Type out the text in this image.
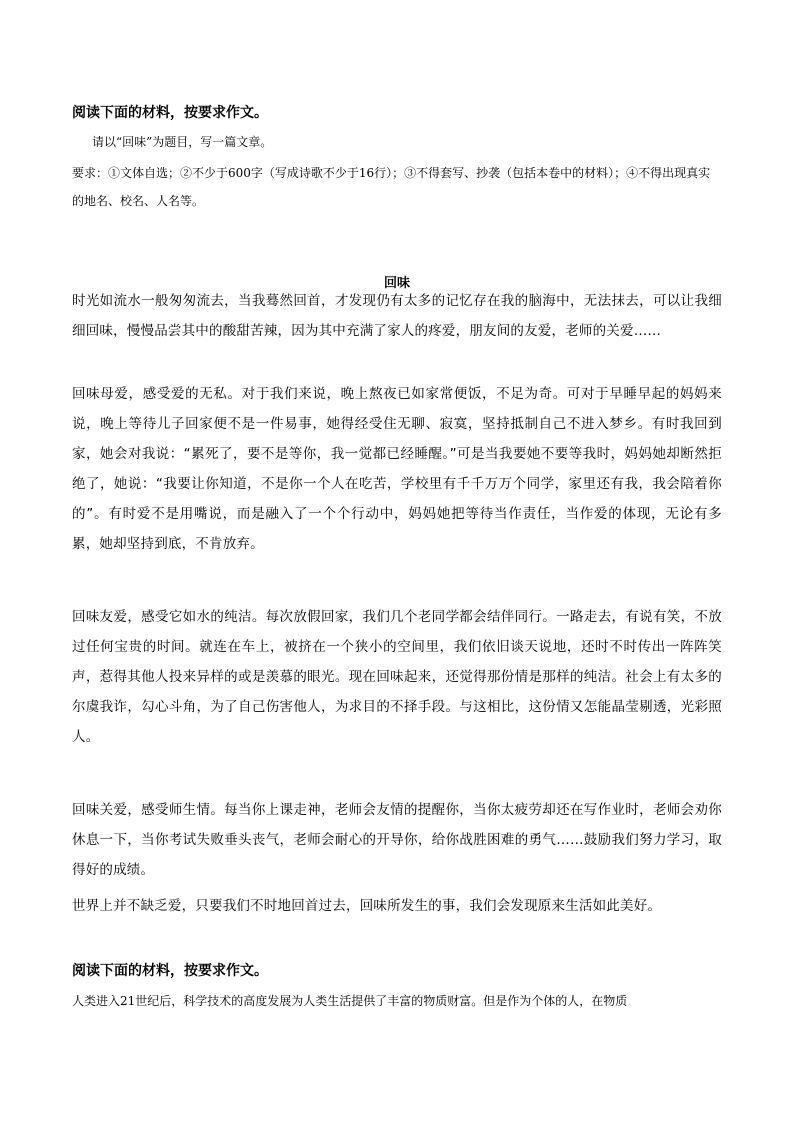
阅读下面的材料，按要求作文。

请以“回味”为题目，写一篇文章。

要求：①文体自选；②不少于600字（写成诗歌不少于16行）；③不得套写、抄袭（包括本卷中的材料）；④不得出现真实的地名、校名、人名等。

回味

时光如流水一般匆匆流去，当我蓦然回首，才发现仍有太多的记忆存在我的脑海中，无法抹去，可以让我细细回味，慢慢品尝其中的酸甜苦辣，因为其中充满了家人的疼爱，朋友间的友爱，老师的关爱……

回味母爱，感受爱的无私。对于我们来说，晚上熬夜已如家常便饭，不足为奇。可对于早睡早起的妈妈来说，晚上等待儿子回家便不是一件易事，她得经受住无聊、寂寞，坚持抵制自己不进入梦乡。有时我回到家，她会对我说：“累死了，要不是等你，我一觉都已经睡醒。”可是当我要她不要等我时，妈妈她却断然拒绝了，她说：“我要让你知道，不是你一个人在吃苦，学校里有千千万万个同学，家里还有我，我会陪着你的”。有时爱不是用嘴说，而是融入了一个个行动中，妈妈她把等待当作责任，当作爱的体现，无论有多累，她却坚持到底，不肯放弃。

回味友爱，感受它如水的纯洁。每次放假回家，我们几个老同学都会结伴同行。一路走去，有说有笑，不放过任何宝贵的时间。就连在车上，被挤在一个狭小的空间里，我们依旧谈天说地，还时不时传出一阵阵笑声，惹得其他人投来异样的或是羡慕的眼光。现在回味起来，还觉得那份情是那样的纯洁。社会上有太多的尔虞我诈，勾心斗角，为了自己伤害他人，为求目的不择手段。与这相比，这份情又怎能晶莹剔透，光彩照人。

回味关爱，感受师生情。每当你上课走神，老师会友情的提醒你，当你太疲劳却还在写作业时，老师会劝你休息一下，当你考试失败垂头丧气，老师会耐心的开导你，给你战胜困难的勇气……鼓励我们努力学习，取得好的成绩。

世界上并不缺乏爱，只要我们不时地回首过去，回味所发生的事，我们会发现原来生活如此美好。

阅读下面的材料，按要求作文。

人类进入21世纪后，科学技术的高度发展为人类生活提供了丰富的物质财富。但是作为个体的人，在物质
